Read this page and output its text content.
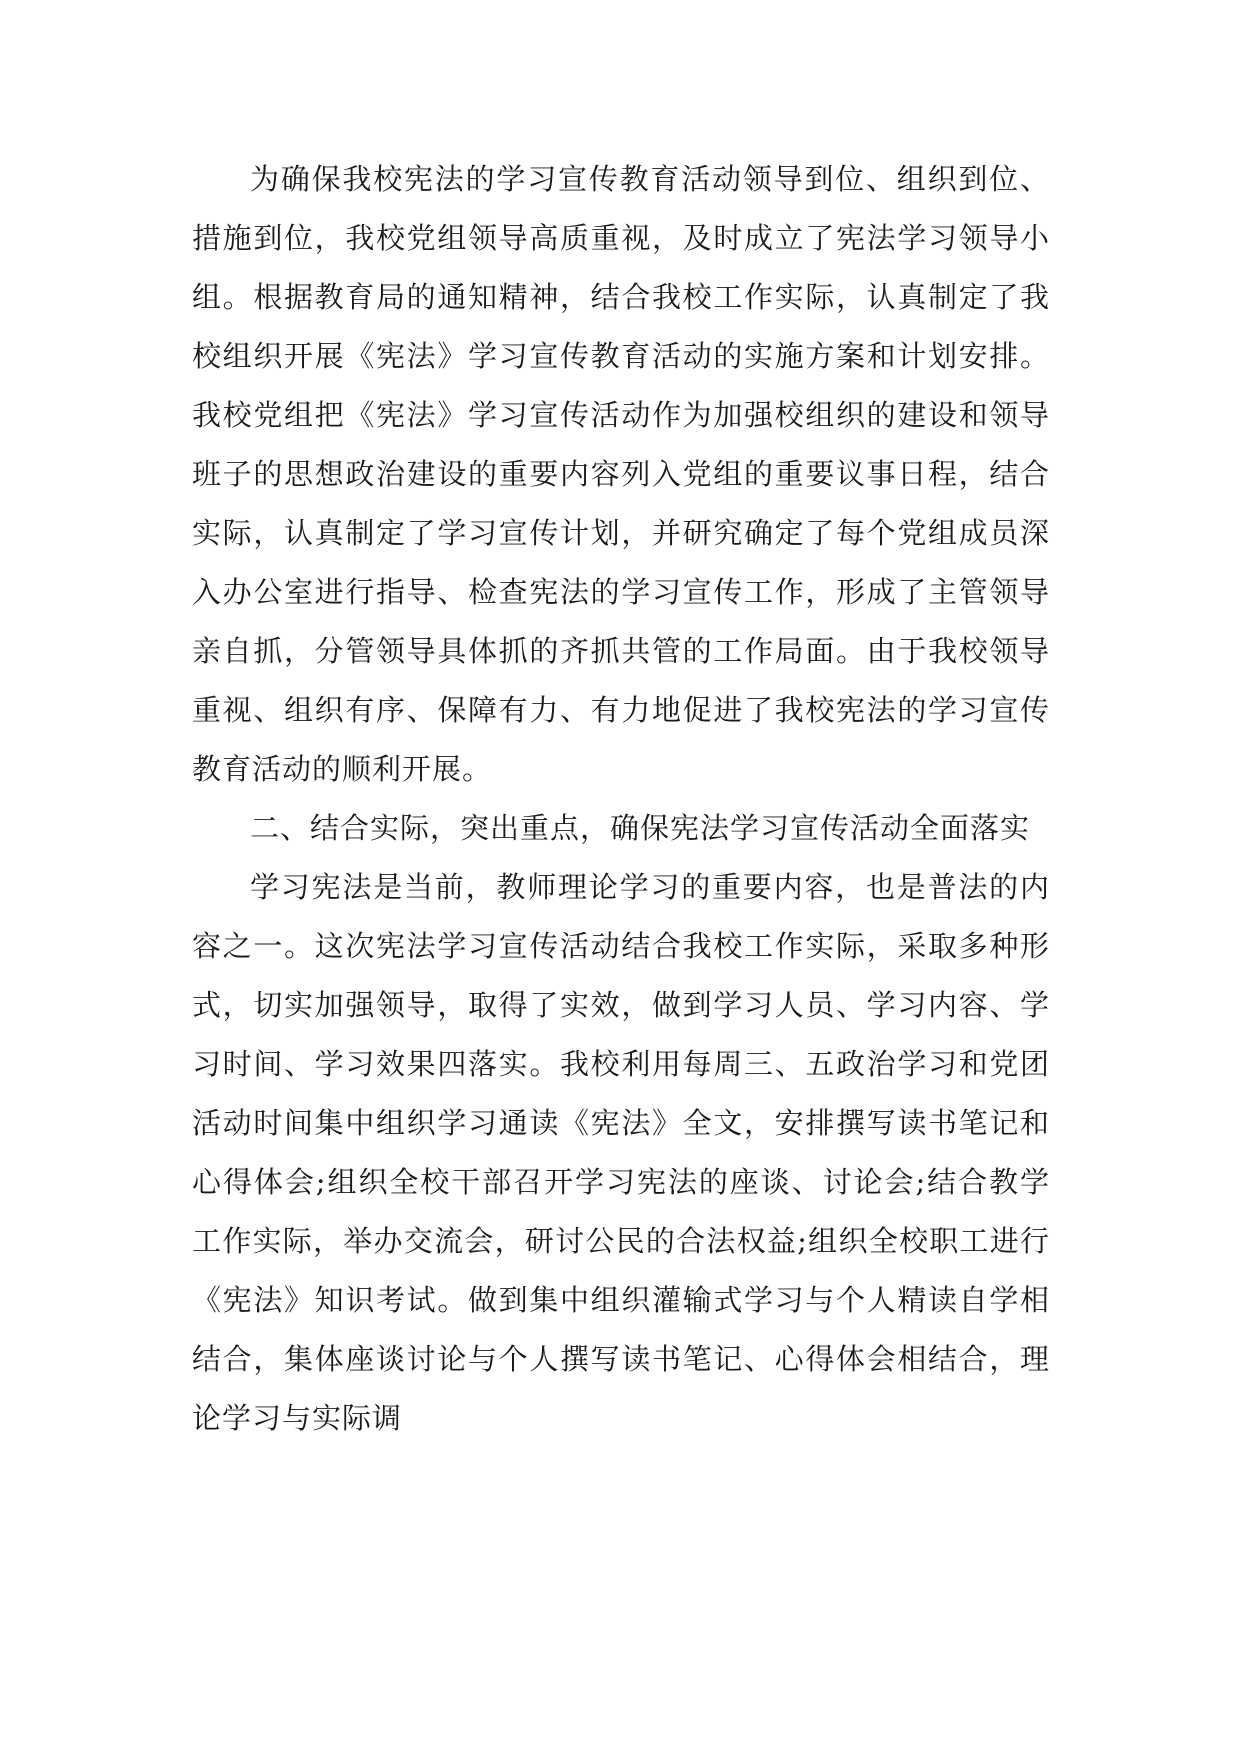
为确保我校宪法的学习宣传教育活动领导到位、组织到位、措施到位，我校党组领导高质重视，及时成立了宪法学习领导小组。根据教育局的通知精神，结合我校工作实际，认真制定了我校组织开展《宪法》学习宣传教育活动的实施方案和计划安排。我校党组把《宪法》学习宣传活动作为加强校组织的建设和领导班子的思想政治建设的重要内容列入党组的重要议事日程，结合实际，认真制定了学习宣传计划，并研究确定了每个党组成员深入办公室进行指导、检查宪法的学习宣传工作，形成了主管领导亲自抓，分管领导具体抓的齐抓共管的工作局面。由于我校领导重视、组织有序、保障有力、有力地促进了我校宪法的学习宣传教育活动的顺利开展。

二、结合实际，突出重点，确保宪法学习宣传活动全面落实

学习宪法是当前，教师理论学习的重要内容，也是普法的内容之一。这次宪法学习宣传活动结合我校工作实际，采取多种形式，切实加强领导，取得了实效，做到学习人员、学习内容、学习时间、学习效果四落实。我校利用每周三、五政治学习和党团活动时间集中组织学习通读《宪法》全文，安排撰写读书笔记和心得体会;组织全校干部召开学习宪法的座谈、讨论会;结合教学工作实际，举办交流会，研讨公民的合法权益;组织全校职工进行《宪法》知识考试。做到集中组织灌输式学习与个人精读自学相结合，集体座谈讨论与个人撰写读书笔记、心得体会相结合，理论学习与实际调
